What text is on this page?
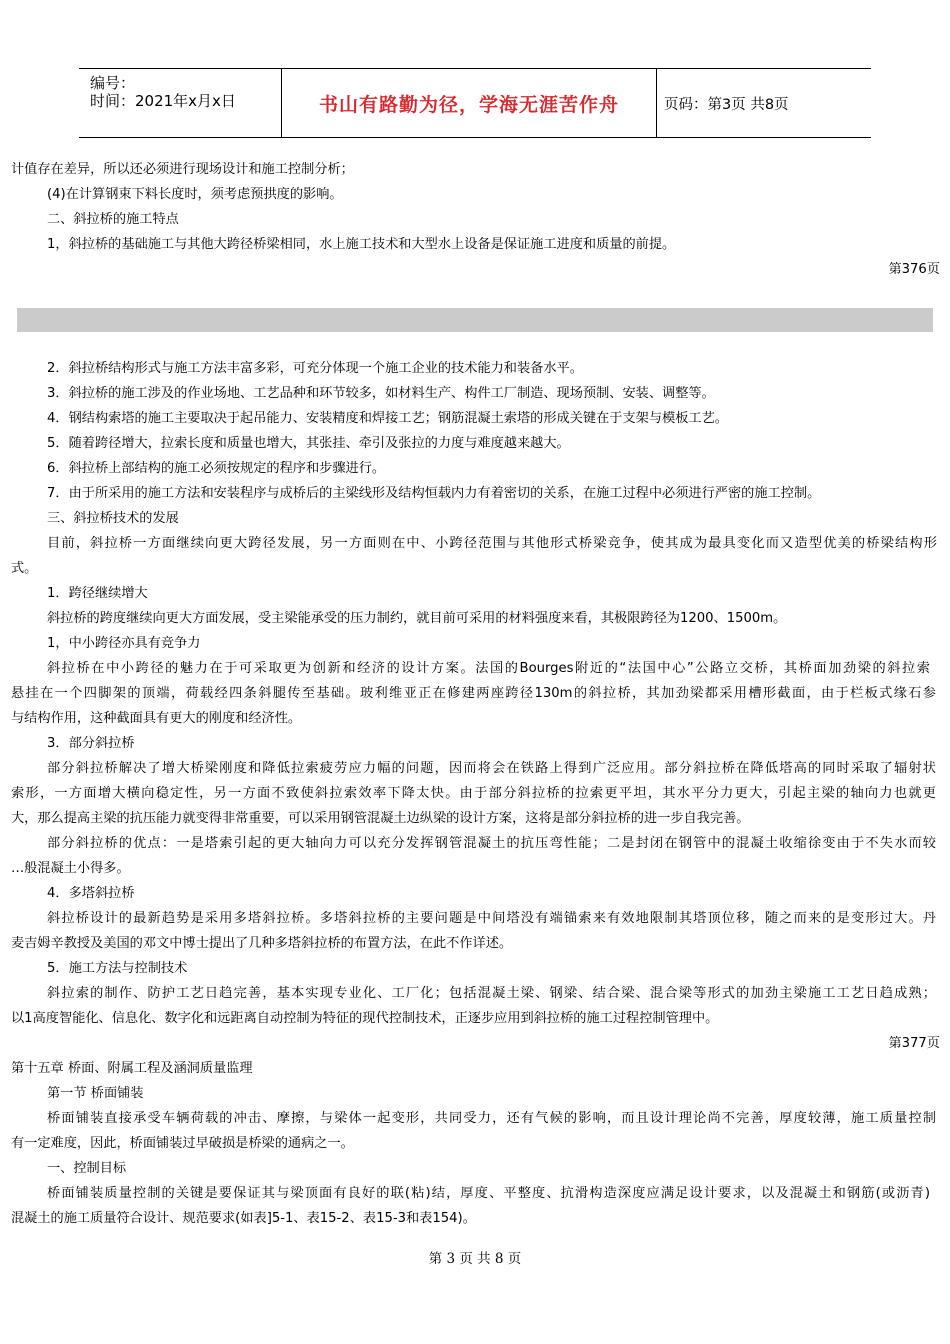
编号：
时间：2021年x月x日	书山有路勤为径，学海无涯苦作舟	页码：第3页 共8页
计值存在差异，所以还必须进行现场设计和施工控制分析；
(4)在计算钢束下料长度时，须考虑预拱度的影响。
二、斜拉桥的施工特点
1，斜拉桥的基础施工与其他大跨径桥梁相同，水上施工技术和大型水上设备是保证施工进度和质量的前提。
第376页
2．斜拉桥结构形式与施工方法丰富多彩，可充分体现一个施工企业的技术能力和装备水平。
3．斜拉桥的施工涉及的作业场地、工艺品种和环节较多，如材料生产、构件工厂制造、现场预制、安装、调整等。
4．钢结构索塔的施工主要取决于起吊能力、安装精度和焊接工艺；钢筋混凝土索塔的形成关键在于支架与模板工艺。
5．随着跨径增大，拉索长度和质量也增大，其张挂、牵引及张拉的力度与难度越来越大。
6．斜拉桥上部结构的施工必须按规定的程序和步骤进行。
7．由于所采用的施工方法和安装程序与成桥后的主梁线形及结构恒载内力有着密切的关系，在施工过程中必须进行严密的施工控制。
三、斜拉桥技术的发展
目前，斜拉桥一方面继续向更大跨径发展，另一方面则在中、小跨径范围与其他形式桥梁竞争，使其成为最具变化而又造型优美的桥梁结构形
式。
1．跨径继续增大
斜拉桥的跨度继续向更大方面发展，受主梁能承受的压力制约，就目前可采用的材料强度来看，其极限跨径为1200、1500m。
1，中小跨径亦具有竞争力
斜拉桥在中小跨径的魅力在于可采取更为创新和经济的设计方案。法国的Bourges附近的“法国中心”公路立交桥，其桥面加劲梁的斜拉索
悬挂在一个四脚架的顶端，荷载经四条斜腿传至基础。玻利维亚正在修建两座跨径130m的斜拉桥，其加劲梁都采用槽形截面，由于栏板式缘石参
与结构作用，这种截面具有更大的刚度和经济性。
3．部分斜拉桥
部分斜拉桥解决了增大桥梁刚度和降低拉索疲劳应力幅的问题，因而将会在铁路上得到广泛应用。部分斜拉桥在降低塔高的同时采取了辐射状
索形，一方面增大横向稳定性，另一方面不致使斜拉索效率下降太快。由于部分斜拉桥的拉索更平坦，其水平分力更大，引起主梁的轴向力也就更
大，那么提高主梁的抗压能力就变得非常重要，可以采用钢管混凝土边纵梁的设计方案，这将是部分斜拉桥的进一步自我完善。
部分斜拉桥的优点：一是塔索引起的更大轴向力可以充分发挥钢管混凝土的抗压弯性能；二是封闭在钢管中的混凝土收缩徐变由于不失水而较
…般混凝土小得多。
4．多塔斜拉桥
斜拉桥设计的最新趋势是采用多塔斜拉桥。多塔斜拉桥的主要问题是中间塔没有端锚索来有效地限制其塔顶位移，随之而来的是变形过大。丹
麦吉姆辛教授及美国的邓文中博士提出了几种多塔斜拉桥的布置方法，在此不作详述。
5．施工方法与控制技术
斜拉索的制作、防护工艺日趋完善，基本实现专业化、工厂化；包括混凝土梁、钢梁、结合梁、混合梁等形式的加劲主梁施工工艺日趋成熟；
以1高度智能化、信息化、数字化和远距离自动控制为特征的现代控制技术，正逐步应用到斜拉桥的施工过程控制管理中。
第377页
第十五章 桥面、附属工程及涵洞质量监理
第一节 桥面铺装
桥面铺装直接承受车辆荷载的冲击、摩擦，与梁体一起变形，共同受力，还有气候的影响，而且设计理论尚不完善，厚度较薄，施工质量控制
有一定难度，因此，桥面铺装过早破损是桥梁的通病之一。
一、控制目标
桥面铺装质量控制的关键是要保证其与梁顶面有良好的联(粘)结，厚度、平整度、抗滑构造深度应满足设计要求，以及混凝土和钢筋(或沥青)
混凝土的施工质量符合设计、规范要求(如表]5-1、表15-2、表15-3和表154)。
第 3 页 共 8 页
